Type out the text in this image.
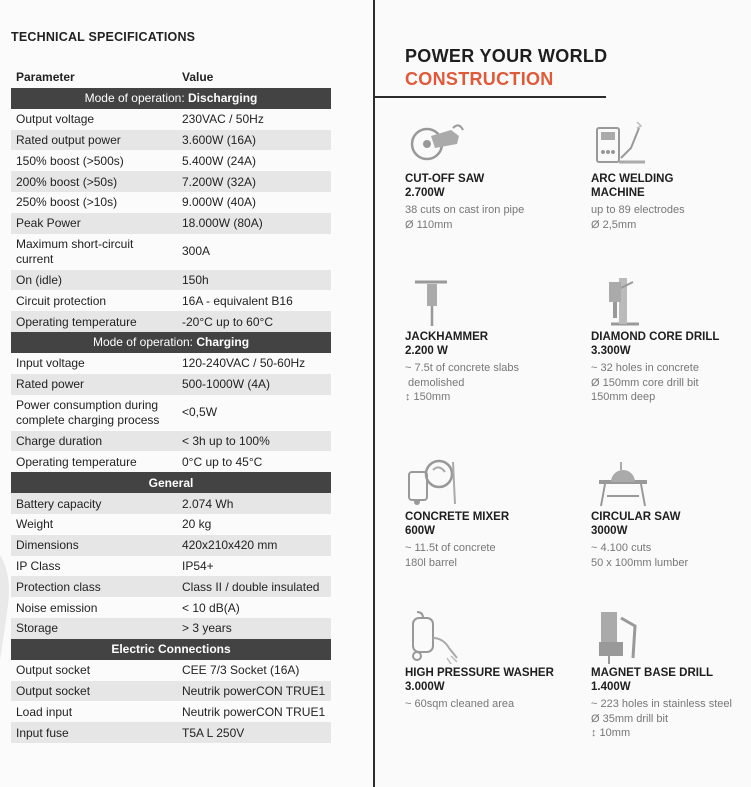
TECHNICAL SPECIFICATIONS
Parameter	Value
Mode of operation: Discharging	
Output voltage	230VAC / 50Hz
Rated output power	3.600W (16A)
150% boost (>500s)	5.400W (24A)
200% boost (>50s)	7.200W (32A)
250% boost (>10s)	9.000W (40A)
Peak Power	18.000W (80A)
Maximum short-circuit current	300A
On (idle)	150h
Circuit protection	16A - equivalent B16
Operating temperature	-20°C up to 60°C
Mode of operation: Charging	
Input voltage	120-240VAC / 50-60Hz
Rated power	500-1000W (4A)
Power consumption during complete charging process	<0,5W
Charge duration	< 3h up to 100%
Operating temperature	0°C up to 45°C
General	
Battery capacity	2.074 Wh
Weight	20 kg
Dimensions	420x210x420 mm
IP Class	IP54+
Protection class	Class II / double insulated
Noise emission	< 10 dB(A)
Storage	> 3 years
Electric Connections	
Output socket	CEE 7/3 Socket (16A)
Output socket	Neutrik powerCON TRUE1
Load input	Neutrik powerCON TRUE1
Input fuse	T5A L 250V
POWER YOUR WORLD
CONSTRUCTION
CUT-OFF SAW
2.700W
38 cuts on cast iron pipe
Ø 110mm
ARC WELDING
MACHINE
up to 89 electrodes
Ø 2,5mm
JACKHAMMER
2.200 W
~ 7.5t of concrete slabs
demolished
↕ 150mm
DIAMOND CORE DRILL
3.300W
~ 32 holes in concrete
Ø 150mm core drill bit
150mm deep
CONCRETE MIXER
600W
~ 11.5t of concrete
180l barrel
CIRCULAR SAW
3000W
~ 4.100 cuts
50 x 100mm lumber
HIGH PRESSURE WASHER
3.000W
~ 60sqm cleaned area
MAGNET BASE DRILL
1.400W
~ 223 holes in stainless steel
Ø 35mm drill bit
↕ 10mm
